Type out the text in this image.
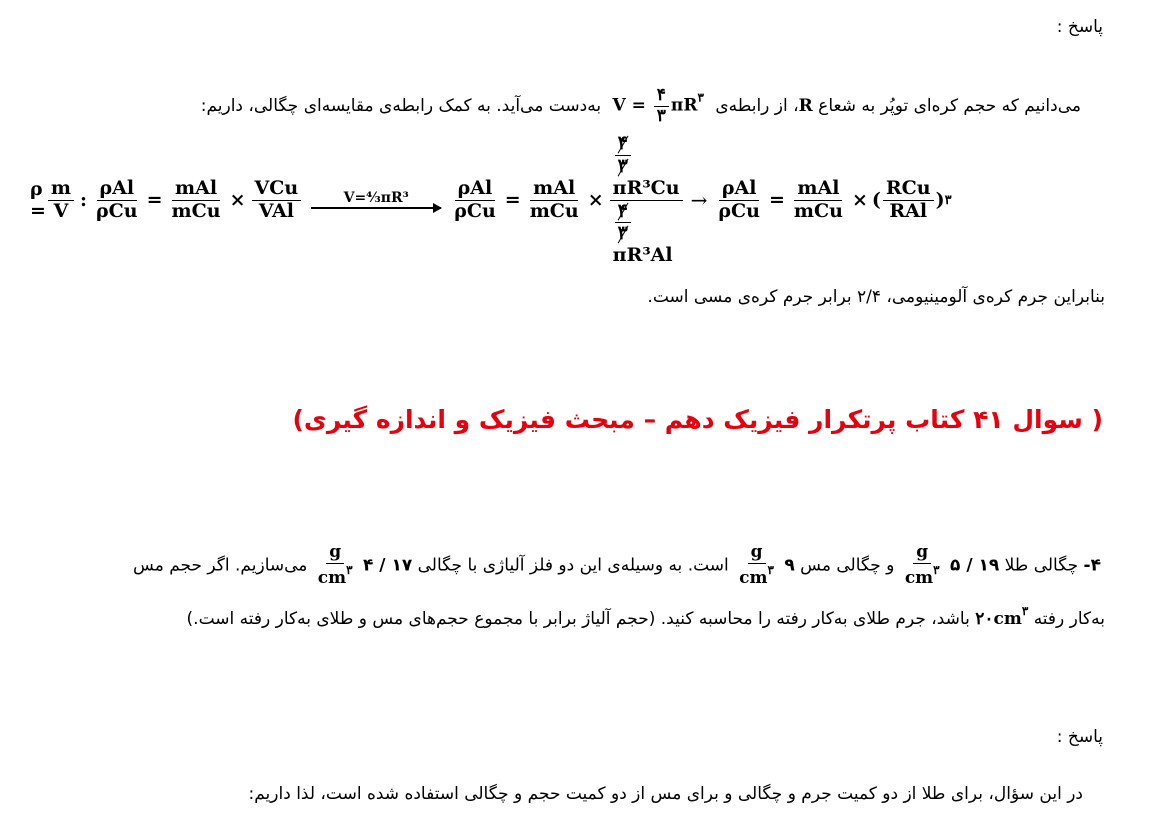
پاسخ :
می‌دانیم که حجم کره‌ای توپُر به شعاع R، از رابطه‌ی $V = \frac{۴}{۳} \pi R^۳$ به‌دست می‌آید. به کمک رابطه‌ی مقایسه‌ای چگالی، داریم:
$\rho = \frac{m}{V}$ : $\frac{\text{ρAl}}{\text{ρCu}} = \frac{\text{mAl}}{\text{mCu}} \times \frac{\text{VCu}}{\text{VAl}}$	V=⁴⁄₃πR³ $\frac{\text{ρAl}}{\text{ρCu}} = \frac{\text{mAl}}{\text{mCu}} \times \frac{۴}{۳}$
πR³Cu
$\frac{۴}{۳}$
$\pi R^3Al \to \frac{\text{ρAl}}{\text{ρCu}} = \frac{\text{mAl}}{\text{mCu}}$ × ( $\frac{\text{RCu}}{\text{RAl}}$ ) ۳
بنابراین جرم کره‌ی آلومینیومی، ۲/۴ برابر جرم کره‌ی مسی است.
( سوال ۴۱ کتاب پرتکرار فیزیک دهم – مبحث فیزیک و اندازه گیری)
۴- چگالی طلا ۱۹ / ۵
$\frac{g}{cm^۳}$
و چگالی مس ۹
$\frac{g}{cm^۳}$
است. به وسیله‌ی این دو فلز آلیاژی با چگالی ۱۷ / ۴
$\frac{g}{cm^۳}$
می‌سازیم. اگر حجم مس
به‌کار رفته $۲۰cm^۳$ باشد، جرم طلای به‌کار رفته را محاسبه کنید. (حجم آلیاژ برابر با مجموع حجم‌های مس و طلای به‌کار رفته است.)
پاسخ :
در این سؤال، برای طلا از دو کمیت جرم و چگالی و برای مس از دو کمیت حجم و چگالی استفاده شده است، لذا داریم:
